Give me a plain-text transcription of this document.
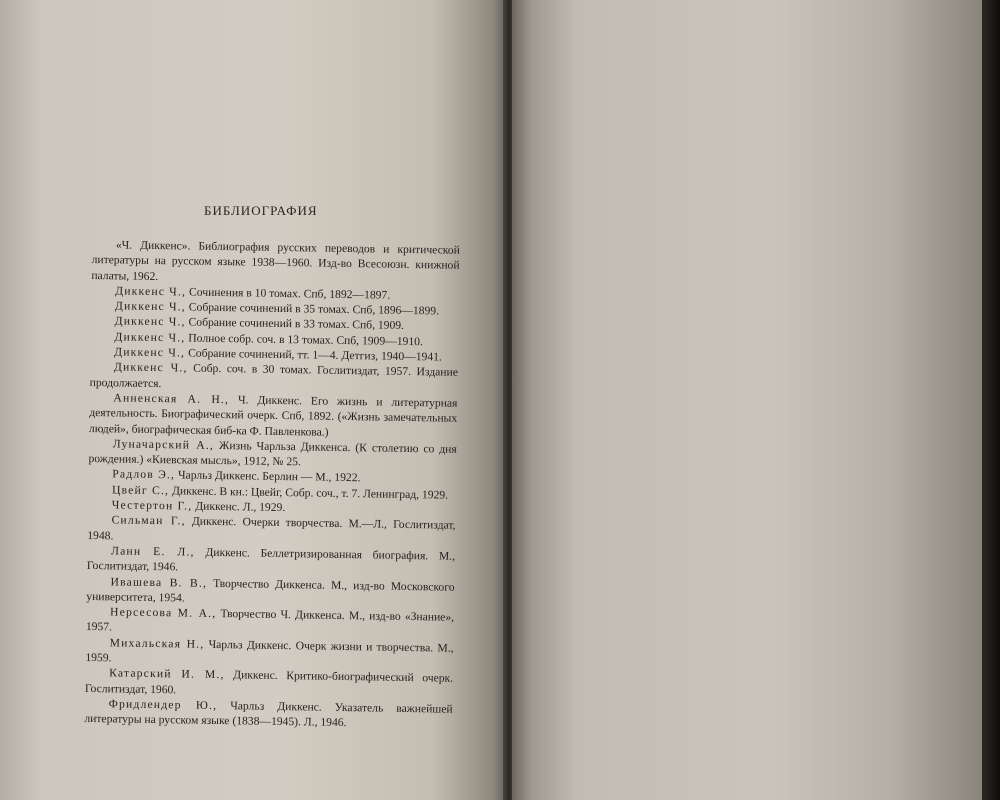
БИБЛИОГРАФИЯ
«Ч. Диккенс». Библиография русских переводов и критической литературы на русском языке 1938—1960. Изд-во Всесоюзн. книжной палаты, 1962.
Диккенс Ч., Сочинения в 10 томах. Спб, 1892—1897.
Диккенс Ч., Собрание сочинений в 35 томах. Спб, 1896—1899.
Диккенс Ч., Собрание сочинений в 33 томах. Спб, 1909.
Диккенс Ч., Полное собр. соч. в 13 томах. Спб, 1909—1910.
Диккенс Ч., Собрание сочинений, тт. 1—4. Детгиз, 1940—1941.
Диккенс Ч., Собр. соч. в 30 томах. Гослитиздат, 1957. Издание продолжается.
Анненская А. Н., Ч. Диккенс. Его жизнь и литературная деятельность. Биографический очерк. Спб, 1892. («Жизнь замечательных людей», биографическая биб-ка Ф. Павленкова.)
Луначарский А., Жизнь Чарльза Диккенса. (К столетию со дня рождения.) «Киевская мысль», 1912, № 25.
Радлов Э., Чарльз Диккенс. Берлин — М., 1922.
Цвейг С., Диккенс. В кн.: Цвейг, Собр. соч., т. 7. Ленинград, 1929.
Честертон Г., Диккенс. Л., 1929.
Сильман Г., Диккенс. Очерки творчества. М.—Л., Гослитиздат, 1948.
Ланн Е. Л., Диккенс. Беллетризированная биография. М., Гослитиздат, 1946.
Ивашева В. В., Творчество Диккенса. М., изд-во Московского университета, 1954.
Нерсесова М. А., Творчество Ч. Диккенса. М., изд-во «Знание», 1957.
Михальская Н., Чарльз Диккенс. Очерк жизни и творчества. М., 1959.
Катарский И. М., Диккенс. Критико-биографический очерк. Гослитиздат, 1960.
Фридлендер Ю., Чарльз Диккенс. Указатель важнейшей литературы на русском языке (1838—1945). Л., 1946.
